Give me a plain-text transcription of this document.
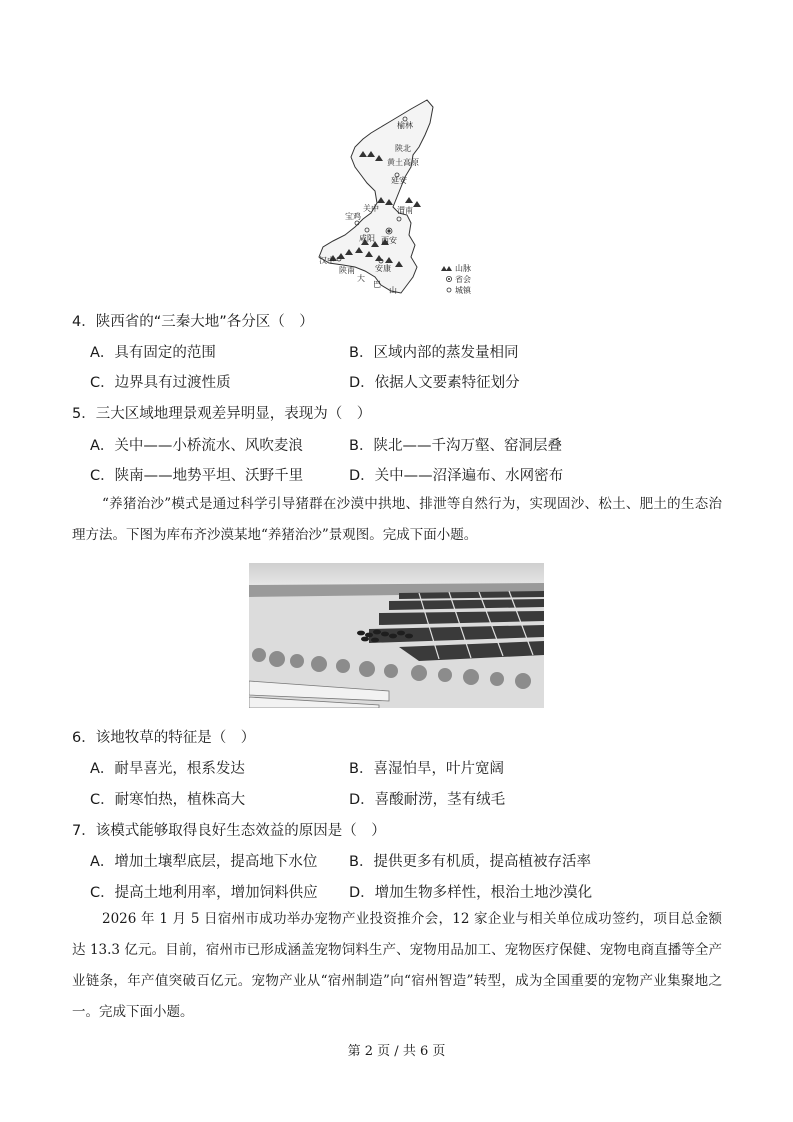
榆林
延安
宝鸡
咸阳 西安
渭南
汉中
安康
陕北
关中
陕南
黄土高原
大
巴
山
山脉
省会
城镇
4．陕西省的“三秦大地”各分区（　）
A．具有固定的范围	B．区域内部的蒸发量相同
C．边界具有过渡性质	D．依据人文要素特征划分
5．三大区域地理景观差异明显，表现为（　）
A．关中——小桥流水、风吹麦浪	B．陕北——千沟万壑、窑洞层叠
C．陕南——地势平坦、沃野千里	D．关中——沼泽遍布、水网密布
“养猪治沙”模式是通过科学引导猪群在沙漠中拱地、排泄等自然行为，实现固沙、松土、肥土的生态治理方法。下图为库布齐沙漠某地“养猪治沙”景观图。完成下面小题。
6．该地牧草的特征是（　）
A．耐旱喜光，根系发达	B．喜湿怕旱，叶片宽阔
C．耐寒怕热，植株高大	D．喜酸耐涝，茎有绒毛
7．该模式能够取得良好生态效益的原因是（　）
A．增加土壤犁底层，提高地下水位 B．提供更多有机质，提高植被存活率
C．提高土地利用率，增加饲料供应 D．增加生物多样性，根治土地沙漠化
2026 年 1 月 5 日宿州市成功举办宠物产业投资推介会，12 家企业与相关单位成功签约，项目总金额达 13.3 亿元。目前，宿州市已形成涵盖宠物饲料生产、宠物用品加工、宠物医疗保健、宠物电商直播等全产业链条，年产值突破百亿元。宠物产业从“宿州制造”向“宿州智造”转型，成为全国重要的宠物产业集聚地之一。完成下面小题。
第 2 页 / 共 6 页
